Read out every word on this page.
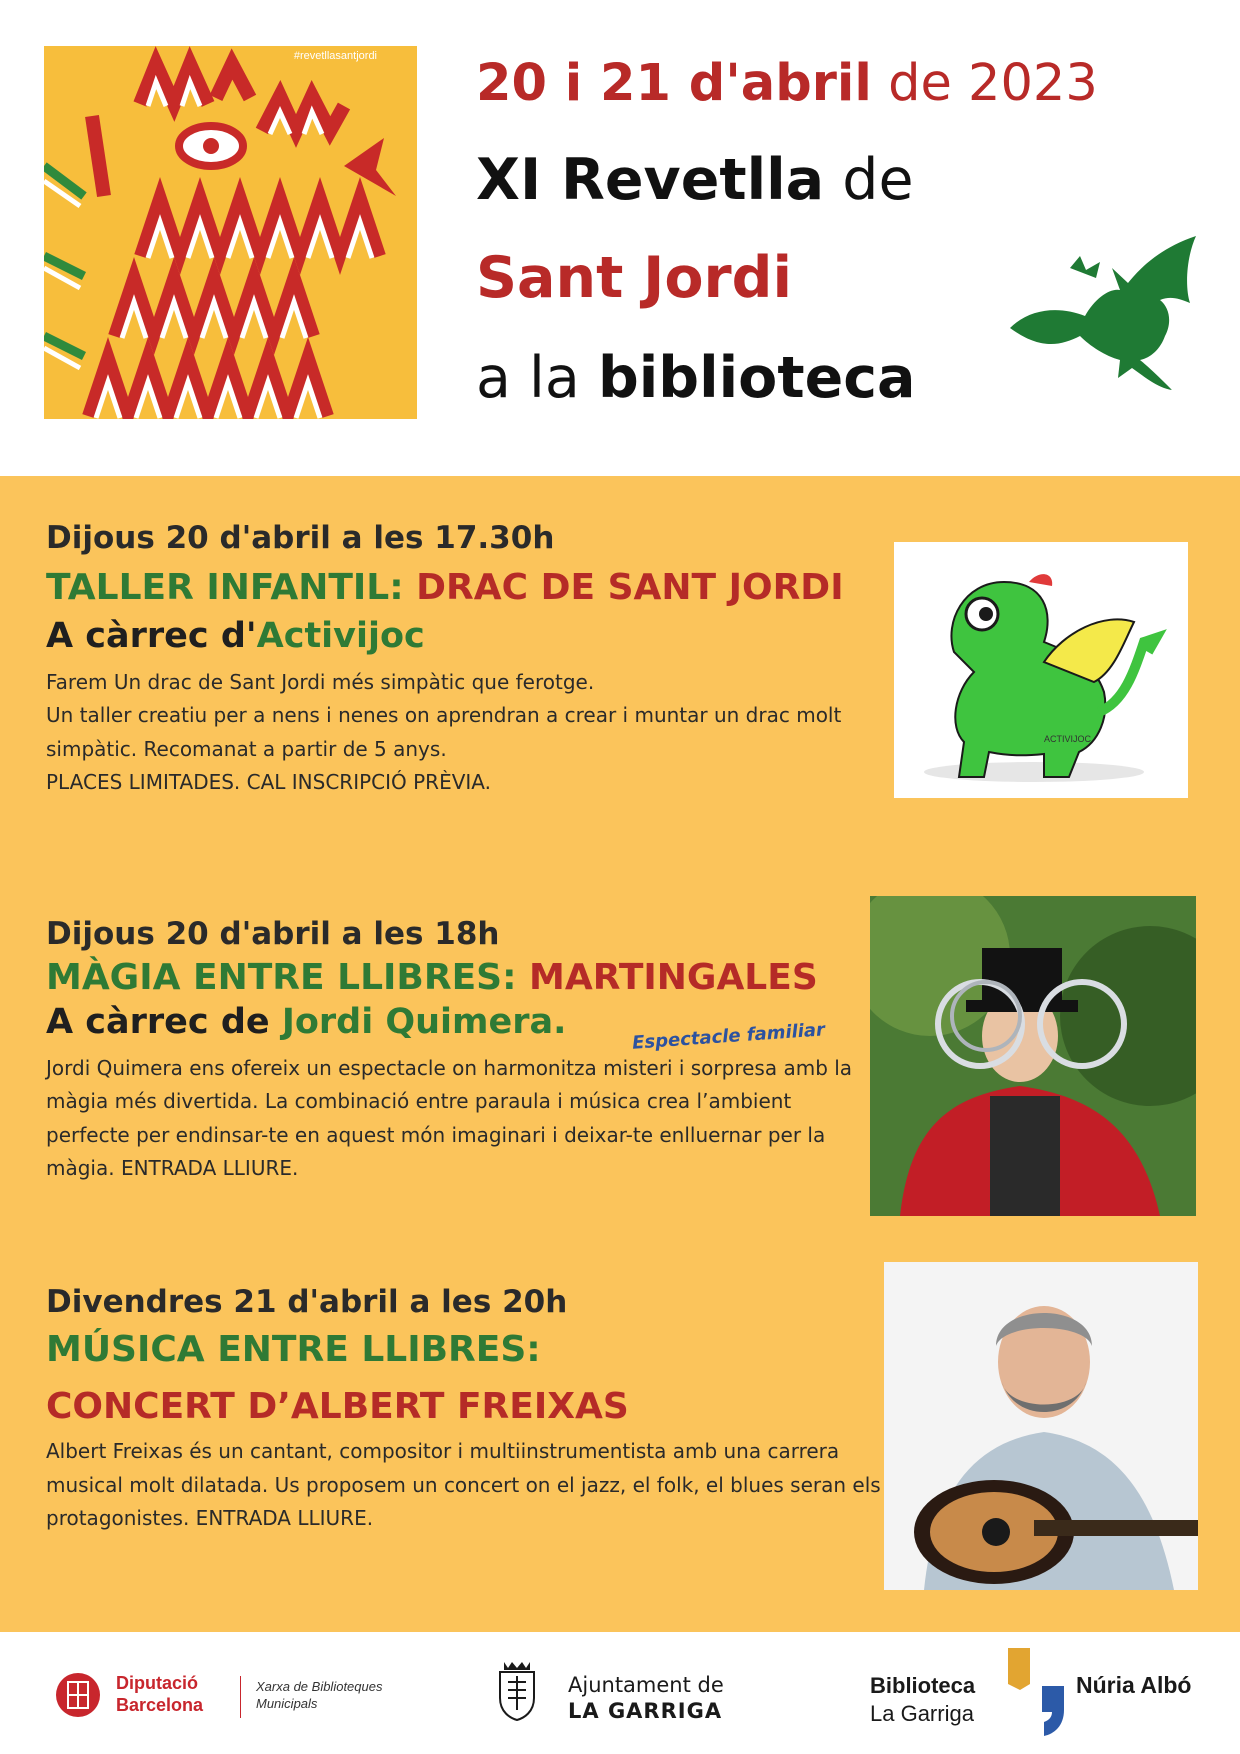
#revetllasantjordi 20 i 21 d'abril de 2023
XI Revetlla de
Sant Jordi
a la biblioteca
Dijous 20 d'abril a les 17.30h
TALLER INFANTIL: DRAC DE SANT JORDI
A càrrec d'Activijoc

Farem Un drac de Sant Jordi més simpàtic que ferotge.

Un taller creatiu per a nens i nenes on aprendran a crear i muntar un drac molt simpàtic. Recomanat a partir de 5 anys.

PLACES LIMITADES. CAL INSCRIPCIÓ PRÈVIA.

ACTIVIJOC
Dijous 20 d'abril a les 18h
MÀGIA ENTRE LLIBRES: MARTINGALES
A càrrec de Jordi Quimera.

Jordi Quimera ens ofereix un espectacle on harmonitza misteri i sorpresa amb la màgia més divertida. La combinació entre paraula i música crea l’ambient perfecte per endinsar-te en aquest món imaginari i deixar-te enlluernar per la màgia. ENTRADA LLIURE.

Espectacle familiar
Divendres 21 d'abril a les 20h
MÚSICA ENTRE LLIBRES:
CONCERT D’ALBERT FREIXAS

Albert Freixas és un cantant, compositor i multiinstrumentista amb una carrera musical molt dilatada. Us proposem un concert on el jazz, el folk, el blues seran els protagonistes. ENTRADA LLIURE.

Diputació
Barcelona
Xarxa de Biblioteques
Municipals
Ajuntament de
LA GARRIGA
Biblioteca
La Garriga
Núria Albó
